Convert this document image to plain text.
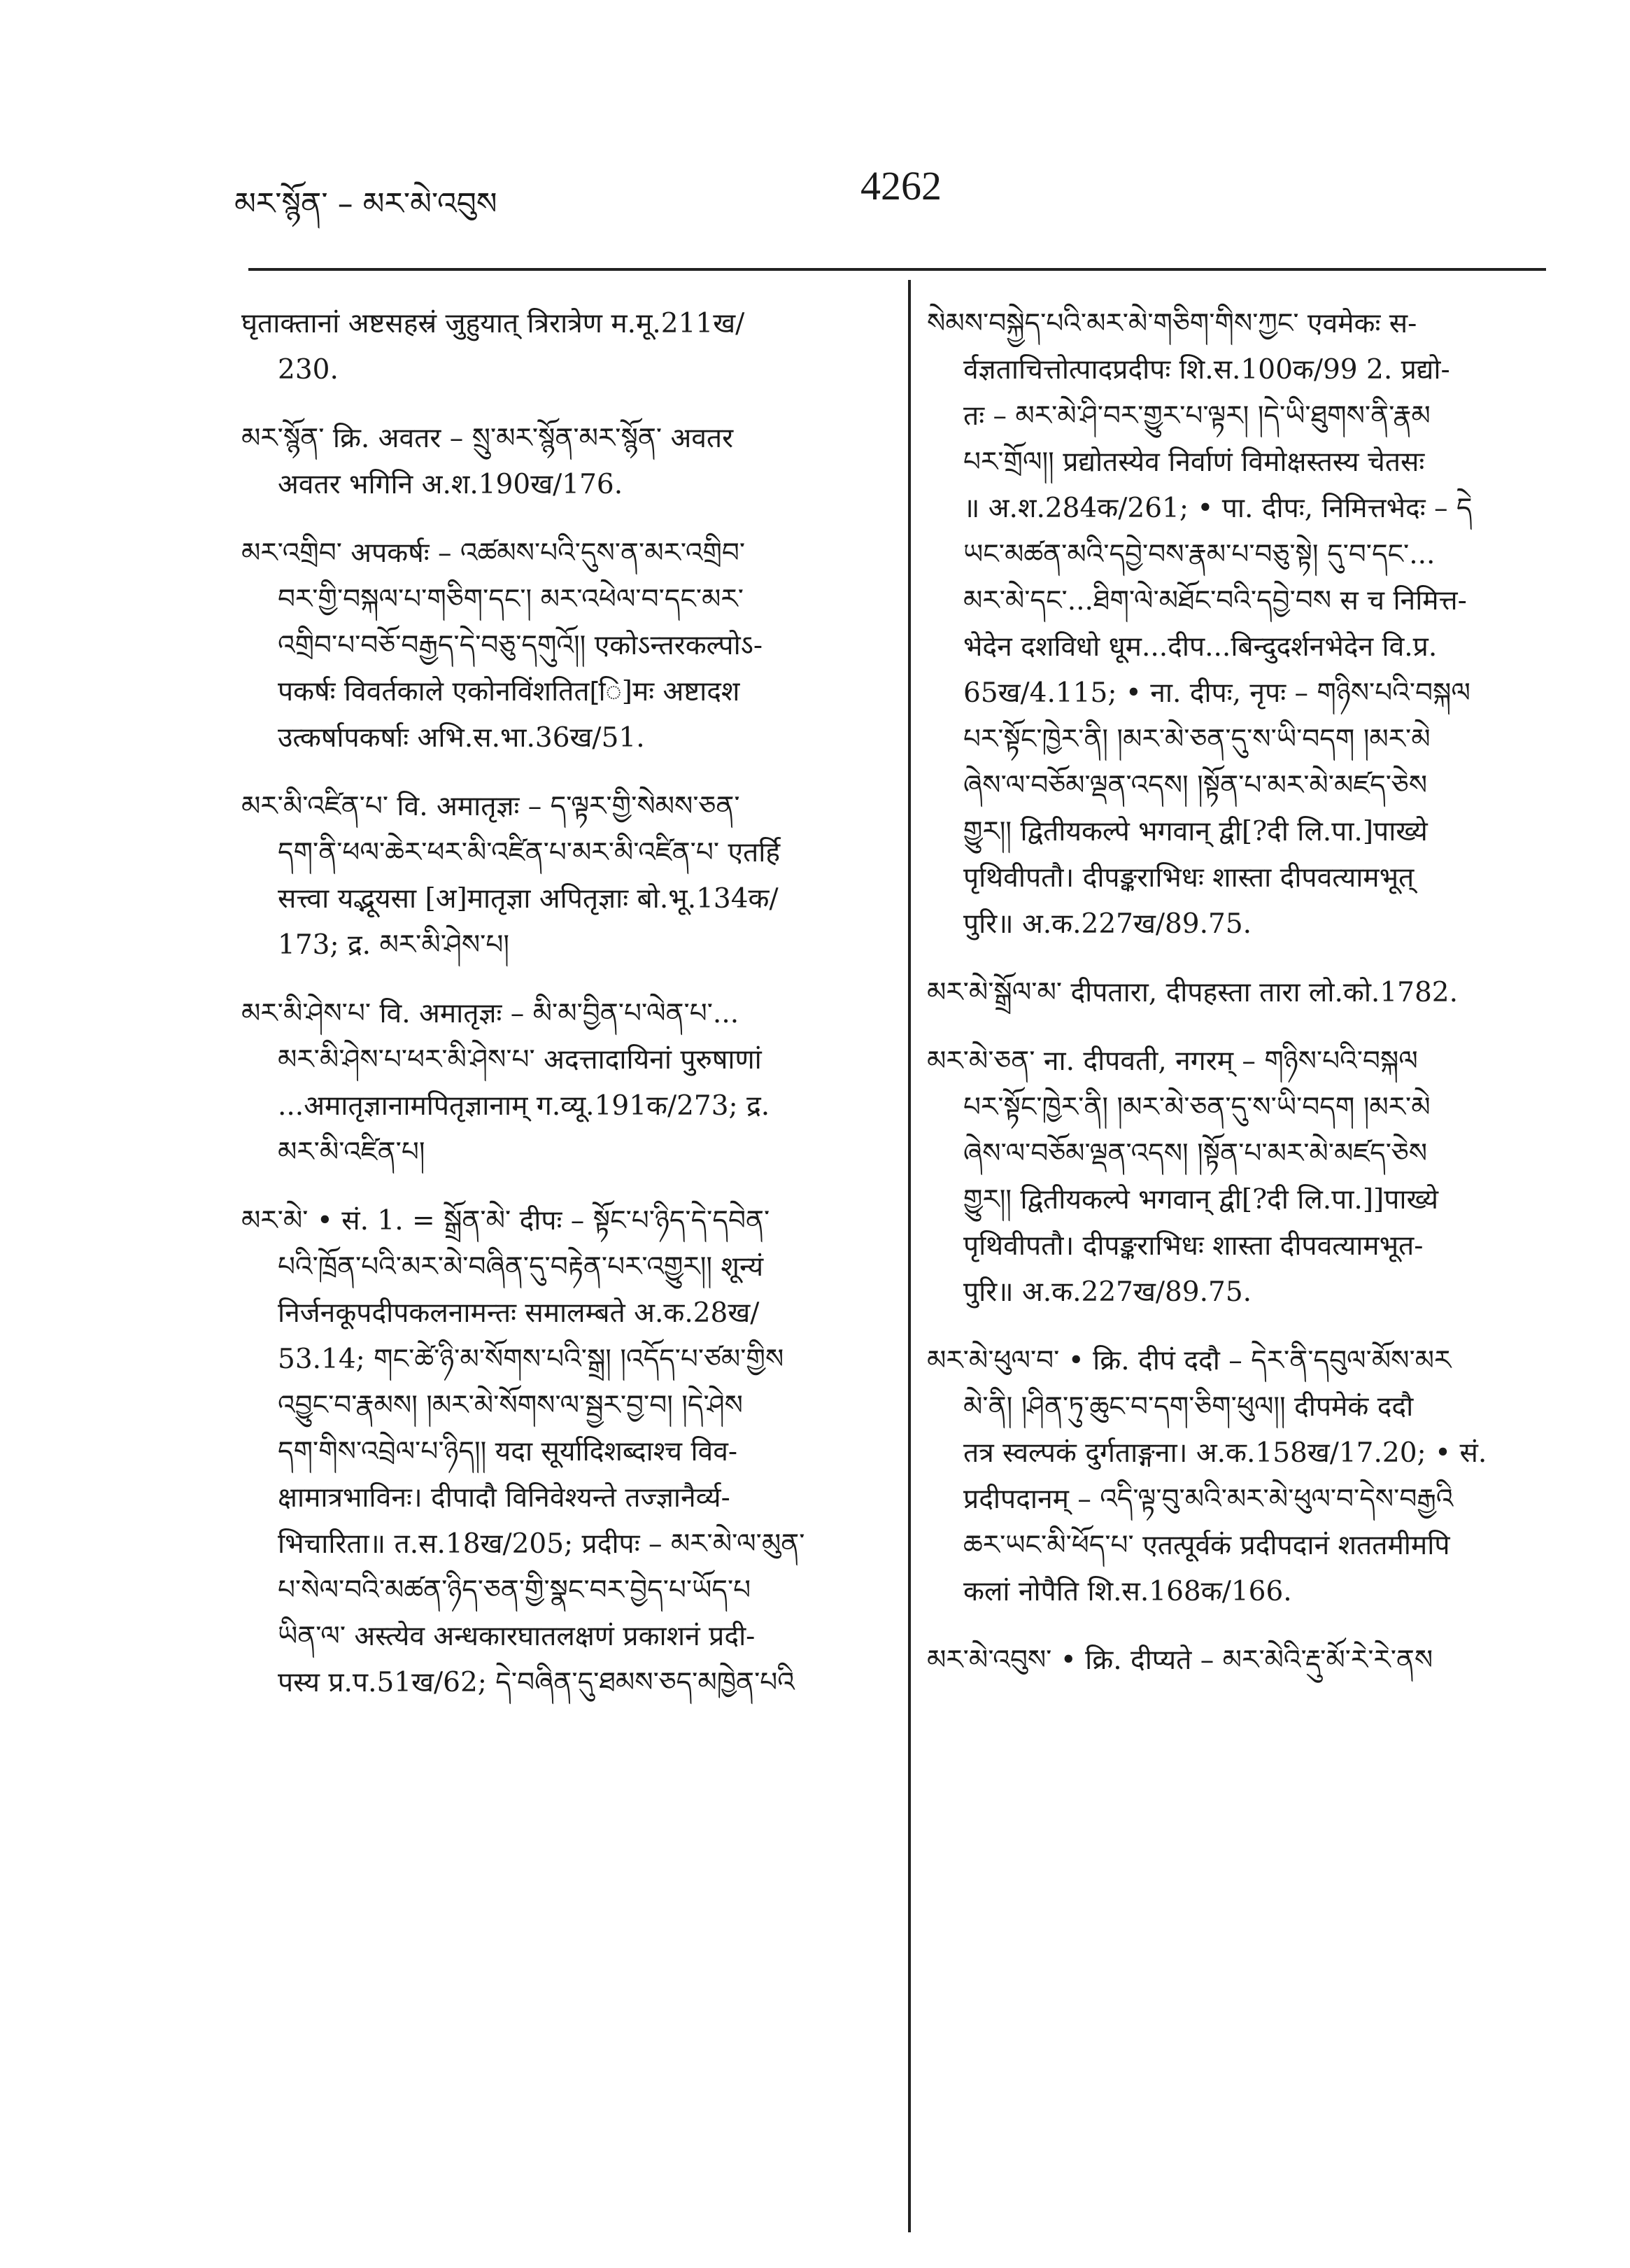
མར་སྙོན་ – མར་མེ་འབུས	4262
घृताक्तानां अष्टसहस्रं जुहुयात् त्रिरात्रेण म.मू.211ख/
230.
མར་སྙོན་ क्रि. अवतर – སྲུ་མར་སྙོན་མར་སྙོན་ अवतर
अवतर भगिनि अ.श.190ख/176.
མར་འགྲིབ་ अपकर्षः – འཚམས་པའི་དུས་ན་མར་འགྲིབ་
བར་གྱི་བསྐལ་པ་གཅིག་དང་། མར་འཕེལ་བ་དང་མར་
འགྲིབ་པ་བཅོ་བརྒྱད་དེ་བཅུ་དགུའོ།། एकोऽन्तरकल्पोऽ-
पकर्षः विवर्तकाले एकोनविंशतित[ि]मः अष्टादश
उत्कर्षापकर्षाः अभि.स.भा.36ख/51.
མར་མི་འཛིན་པ་ वि. अमातृज्ञः – ད་ལྟར་གྱི་སེམས་ཅན་
དག་ནི་ཕལ་ཆེར་ཕར་མི་འཛིན་པ་མར་མི་འཛིན་པ་ एतर्हि
सत्त्वा यद्भूयसा [अ]मातृज्ञा अपितृज्ञाः बो.भू.134क/
173; द्र. མར་མི་ཤེས་པ།
མར་མི་ཤེས་པ་ वि. अमातृज्ञः – མི་མ་བྱིན་པ་ལེན་པ་...
མར་མི་ཤེས་པ་ཕར་མི་ཤེས་པ་ अदत्तादायिनां पुरुषाणां
...अमातृज्ञानामपितृज्ञानाम् ग.व्यू.191क/273; द्र.
མར་མི་འཛིན་པ།
མར་མེ་ • सं. 1. = སྒྲོན་མེ་ दीपः – སྟོང་པ་ཉིད་དེ་དབེན་
པའི་ཁྲོན་པའི་མར་མེ་བཞིན་དུ་བརྟེན་པར་འགྱུར།། शून्यं
निर्जनकूपदीपकलनामन्तः समालम्बते अ.क.28ख/
53.14; གང་ཚེ་ཉི་མ་སོགས་པའི་སྒྲ། །འདོད་པ་ཙམ་གྱིས
འབྱུང་བ་རྣམས། །མར་མེ་སོགས་ལ་སྦྱར་བྱ་བ། །དེ་ཤེས
དག་གིས་འབྲེལ་པ་ཉིད།། यदा सूर्यादिशब्दाश्च विव-
क्षामात्रभाविनः। दीपादौ विनिवेश्यन्ते तज्ज्ञानैर्व्य-
भिचारिता॥ त.स.18ख/205; प्रदीपः – མར་མེ་ལ་མུན་
པ་སེལ་བའི་མཚན་ཉིད་ཅན་གྱི་སྣང་བར་བྱེད་པ་ཡོད་པ
ཡིན་ལ་ अस्त्येव अन्धकारघातलक्षणं प्रकाशनं प्रदी-
पस्य प्र.प.51ख/62; དེ་བཞིན་དུ་ཐམས་ཅད་མཁྱེན་པའི
སེམས་བསྐྱེད་པའི་མར་མེ་གཅིག་གིས་ཀྱང་ एवमेकः स-
र्वज्ञताचित्तोत्पादप्रदीपः शि.स.100क/99 2. प्रद्यो-
तः – མར་མེ་ཤི་བར་གྱུར་པ་ལྟར། །དེ་ཡི་ཐུགས་ནི་རྣམ
པར་གྲོལ།། प्रद्योतस्येव निर्वाणं विमोक्षस्तस्य चेतसः
॥ अ.श.284क/261; • पा. दीपः, निमित्तभेदः – དེ
ཡང་མཚན་མའི་དབྱེ་བས་རྣམ་པ་བཅུ་སྟེ། དུ་བ་དང་...
མར་མེ་དང་...ཐིག་ལེ་མཐོང་བའི་དབྱེ་བས स च निमित्त-
भेदेन दशविधो धूम...दीप...बिन्दुदर्शनभेदेन वि.प्र.
65ख/4.115; • ना. दीपः, नृपः – གཉིས་པའི་བསྐལ
པར་སྟོང་ཁྱེར་ནི། །མར་མེ་ཅན་དུ་ས་ཡི་བདག །མར་མེ
ཞེས་ལ་བཅོམ་ལྡན་འདས། །སྟོན་པ་མར་མེ་མཛད་ཅེས
གྱུར།། द्वितीयकल्पे भगवान् द्वी[?दी लि.पा.]पाख्ये
पृथिवीपतौ। दीपङ्कराभिधः शास्ता दीपवत्यामभूत्
पुरि॥ अ.क.227ख/89.75.
མར་མེ་སྒྲོལ་མ་ दीपतारा, दीपहस्ता तारा लो.को.1782.
མར་མེ་ཅན་ ना. दीपवती, नगरम् – གཉིས་པའི་བསྐལ
པར་སྟོང་ཁྱེར་ནི། །མར་མེ་ཅན་དུ་ས་ཡི་བདག །མར་མེ
ཞེས་ལ་བཅོམ་ལྡན་འདས། །སྟོན་པ་མར་མེ་མཛད་ཅེས
གྱུར།། द्वितीयकल्पे भगवान् द्वी[?दी लि.पा.]]पाख्ये
पृथिवीपतौ। दीपङ्कराभिधः शास्ता दीपवत्यामभूत-
पुरि॥ अ.क.227ख/89.75.
མར་མེ་ཕུལ་བ་ • क्रि. दीपं ददौ – དེར་ནི་དབུལ་མོས་མར
མེ་ནི། །ཤིན་ཏུ་ཆུང་བ་དག་ཅིག་ཕུལ།། दीपमेकं ददौ
तत्र स्वल्पकं दुर्गताङ्गना। अ.क.158ख/17.20; • सं.
प्रदीपदानम् – འདི་ལྟ་བུ་མའི་མར་མེ་ཕུལ་བ་དེས་བརྒྱའི
ཆར་ཡང་མི་ཕོད་པ་ एतत्पूर्वकं प्रदीपदानं शततमीमपि
कलां नोपैति शि.स.168क/166.
མར་མེ་འབུས་ • क्रि. दीप्यते – མར་མེའི་རྡུ་མོ་རེ་རེ་ནས
